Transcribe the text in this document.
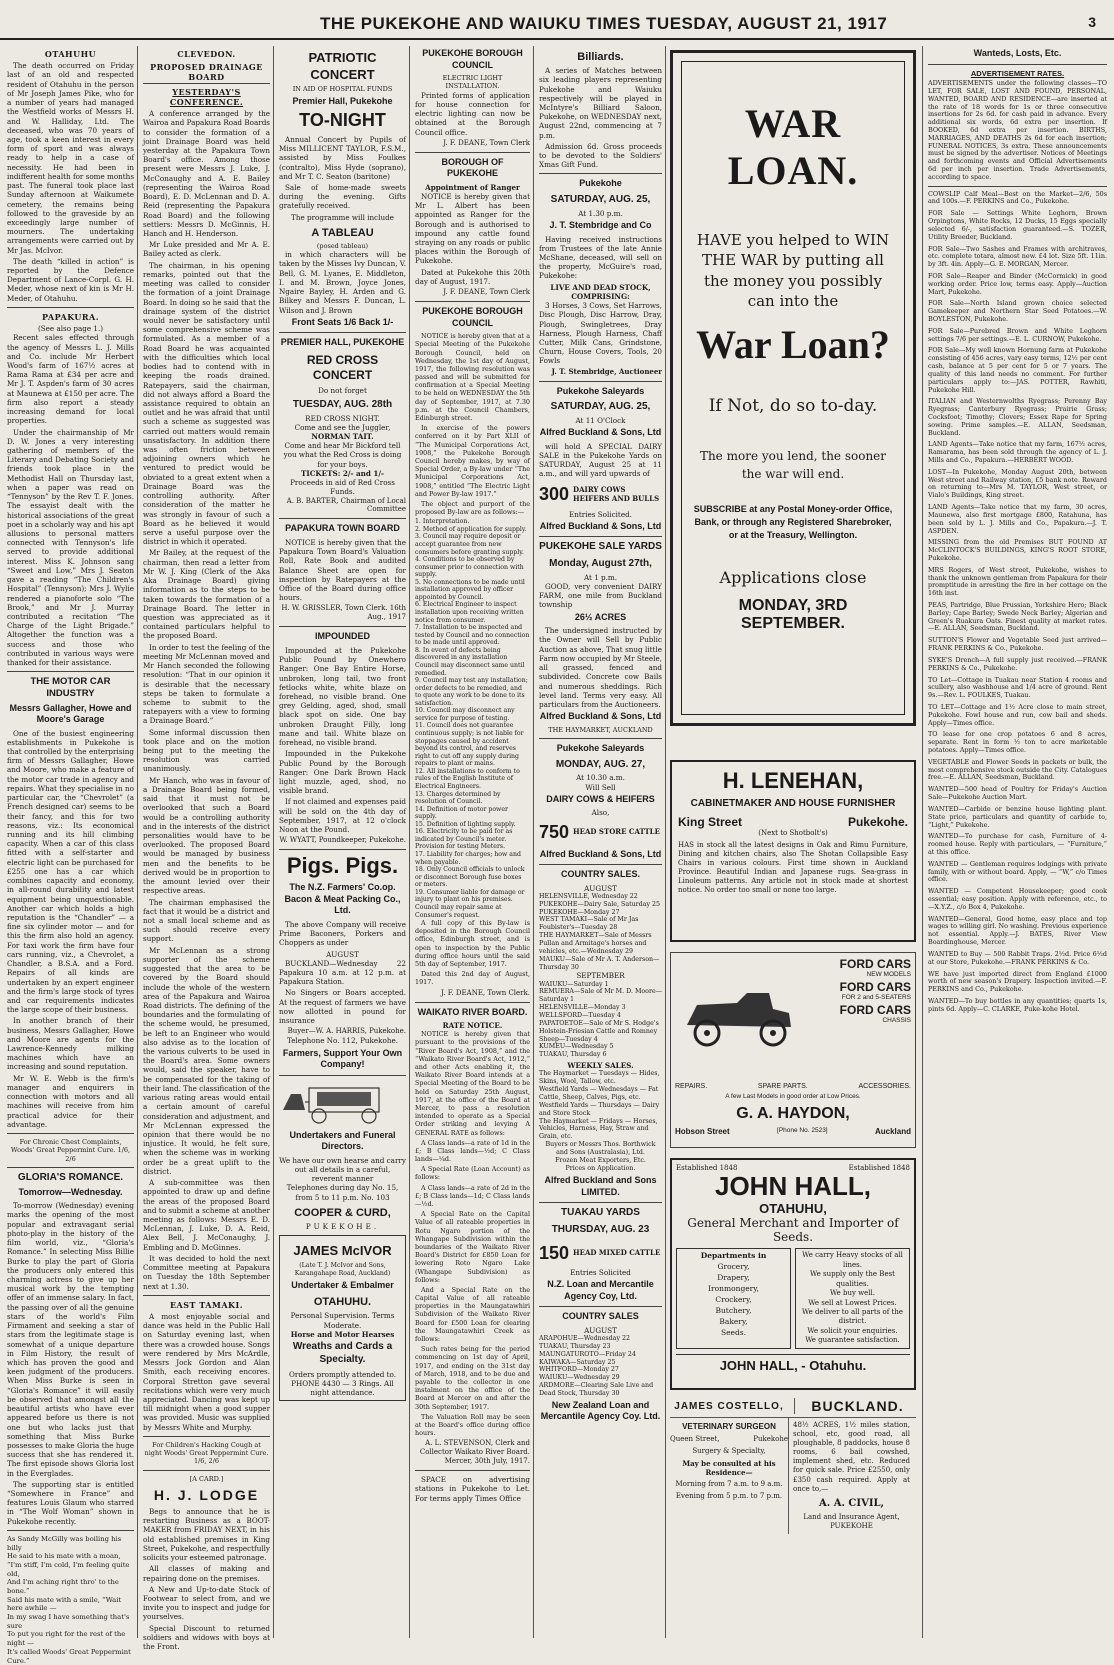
THE PUKEKOHE AND WAIUKU TIMES TUESDAY, AUGUST 21, 1917	3
OTAHUHU
The death occurred on Friday last of an old and respected resident of Otahuhu in the person of Mr Joseph James Pike, who for a number of years had managed the Westfield works of Messrs H. and W. Halliday, Ltd. The deceased, who was 70 years of age, took a keen interest in every form of sport and was always ready to help in a case of necessity. He had been in indifferent health for some months past. The funeral took place last Sunday afternoon at Waikumete cemetery, the remains being followed to the graveside by an exceedingly large number of mourners. The undertaking arrangements were carried out by Mr Jas. McIvor.
The death “killed in action” is reported by the Defence Department of Lance-Corpl. G. H. Meder, whose next of kin is Mr H. Meder, of Otahuhu.
PAPAKURA.
(See also page 1.)
Recent sales effected through the agency of Messrs L. J. Mills and Co. include Mr Herbert Wood's farm of 167½ acres at Rama Rama at £34 per acre and Mr J. T. Aspden's farm of 30 acres at Maunewa at £150 per acre. The firm also report a steady increasing demand for local properties.
Under the chairmanship of Mr D. W. Jones a very interesting gathering of members of the Literary and Debating Society and friends took place in the Methodist Hall on Thursday last, when a paper was read on “Tennyson” by the Rev T. F. Jones. The essayist dealt with the historical associations of the great poet in a scholarly way and his apt allusions to personal matters connected with Tennyson's life served to provide additional interest. Miss K. Johnson sang “Sweet and Low,” Mrs J. Seaton gave a reading “The Children's Hospital” (Tennyson); Mrs J. Wylie rendered a pianoforte solo “The Brook,” and Mr J. Murray contributed a recitation “The Charge of the Light Brigade.” Altogether the function was a success and those who contributed in various ways were thanked for their assistance.
THE MOTOR CAR INDUSTRY
Messrs Gallagher, Howe and Moore's Garage
One of the busiest engineering establishments in Pukekohe is that controlled by the enterprising firm of Messrs Gallagher, Howe and Moore, who make a feature of the motor car trade in agency and repairs. What they specialise in no particular car, the “Chevrolet” (a French designed car) seems to be their fancy, and this for two reasons, viz.: Its economical running and its hill climbing capacity. When a car of this class fitted with a self-starter and electric light can be purchased for £255 one has a car which combines capacity and economy, in all-round durability and latest equipment being unquestionable. Another car which holds a high reputation is the “Chandler” — a fine six cylinder motor — and for this the firm also hold an agency. For taxi work the firm have four cars running, viz., a Chevrolet, a Chandler, a B.S.A. and a Ford. Repairs of all kinds are undertaken by an expert engineer and the firm's large stock of tyres and car requirements indicates the large scope of their business.
In another branch of their business, Messrs Gallagher, Howe and Moore are agents for the Lawrence-Kennedy milking machines which have an increasing and sound reputation.
Mr W. E. Webb is the firm's manager and enquirers in connection with motors and all machines will receive from him practical advice for their advantage.
For Chronic Chest Complaints, Woods' Great Peppermint Cure. 1/6, 2/6
GLORIA'S ROMANCE.
Tomorrow—Wednesday.
To-morrow (Wednesday) evening marks the opening of the most popular and extravagant serial photo-play in the history of the film world, viz., “Gloria's Romance.” In selecting Miss Billie Burke to play the part of Gloria the producers only entered this charming actress to give up her musical work by the tempting offer of an immense salary. In fact, the passing over of all the genuine stars of the world's Film Firmament and seeking a star of stars from the legitimate stage is somewhat of a unique departure in Film History, the result of which has proven the good and keen judgment of the producers. When Miss Burke is seen in “Gloria's Romance” it will easily be observed that amongst all the beautiful artists who have ever appeared before us there is not one but who lacks just that something that Miss Burke possesses to make Gloria the huge success that she has rendered it. The first episode shows Gloria lost in the Everglades.
The supporting star is entitled “Somewhere in France” and features Louis Glaum who starred in “The Wolf Woman” shown in Pukekohe recently.
As Sandy McGilly was boiling his billy
He said to his mate with a moan,
“I'm stiff, I'm cold, I'm feeling quite old,
And I'm aching right thro' to the bone.”
Said his mate with a smile, “Wait here awhile —
In my swag I have something that's sure
To put you right for the rest of the night —
It's called Woods' Great Peppermint Cure.”
CLEVEDON.
PROPOSED DRAINAGE BOARD
YESTERDAY'S CONFERENCE.
A conference arranged by the Wairoa and Papakura Road Boards to consider the formation of a joint Drainage Board was held yesterday at the Papakura Town Board's office. Among those present were Messrs J. Luke, J. McConaughy and A. E. Bailey (representing the Wairoa Road Board), E. D. McLennan and D. A. Reid (representing the Papakura Road Board) and the following settlers: Messrs D. McGinnis, H. Hanch and H. Henderson.
Mr Luke presided and Mr A. E. Bailey acted as clerk.
The chairman, in his opening remarks, pointed out that the meeting was called to consider the formation of a joint Drainage Board. In doing so he said that the drainage system of the district would never be satisfactory until some comprehensive scheme was formulated. As a member of a Road Board he was acquainted with the difficulties which local bodies had to contend with in keeping the roads drained. Ratepayers, said the chairman, did not always afford a Board the assistance required to obtain an outlet and he was afraid that until such a scheme as suggested was carried out matters would remain unsatisfactory. In addition there was often friction between adjoining owners which he ventured to predict would be obviated to a great extent when a Drainage Board was the controlling authority. After consideration of the matter he was strongly in favour of such a Board as he believed it would serve a useful purpose over the district in which it operated.
Mr Bailey, at the request of the chairman, then read a letter from Mr W. J. King (Clerk of the Aka Aka Drainage Board) giving information as to the steps to be taken towards the formation of a Drainage Board. The letter in question was appreciated as it contained particulars helpful to the proposed Board.
In order to test the feeling of the meeting Mr McLennan moved and Mr Hanch seconded the following resolution: “That in our opinion it is desirable that the necessary steps be taken to formulate a scheme to submit to the ratepayers with a view to forming a Drainage Board.”
Some informal discussion then took place and on the motion being put to the meeting the resolution was carried unanimously.
Mr Hanch, who was in favour of a Drainage Board being formed, said that it must not be overlooked that such a Board would be a controlling authority and in the interests of the district personalities would have to be overlooked. The proposed Board would be managed by business men and the benefits to be derived would be in proportion to the amount levied over their respective areas.
The chairman emphasised the fact that it would be a district and not a small local scheme and as such should receive every support.
Mr McLennan as a strong supporter of the scheme suggested that the area to be covered by the Board should include the whole of the western area of the Papakura and Wairoa Road districts. The defining of the boundaries and the formulating of the scheme would, he presumed, be left to an Engineer who would also advise as to the location of the various culverts to be used in the Board's area. Some owners would, said the speaker, have to be compensated for the taking of their land. The classification of the various rating areas would entail a certain amount of careful consideration and adjustment, and Mr McLennan expressed the opinion that there would be no injustice. It would, he felt sure, when the scheme was in working order be a great uplift to the district.
A sub-committee was then appointed to draw up and define the areas of the proposed Board and to submit a scheme at another meeting as follows: Messrs E. D. McLennan, J. Luke, D. A. Reid, Alex Bell, J. McConaughy, J. Embling and D. McGinnes.
It was decided to hold the next Committee meeting at Papakura on Tuesday the 18th September next at 1.30.
EAST TAMAKI.
A most enjoyable social and dance was held in the Public Hall on Saturday evening last, when there was a crowded house. Songs were rendered by Mrs McArdle, Messrs Jock Gordon and Alan Smith, each receiving encores. Corporal Stretton gave several recitations which were very much appreciated. Dancing was kept up till midnight when a good supper was provided. Music was supplied by Messrs White and Murphy.
For Children's Hacking Cough at night Woods' Great Peppermint Cure. 1/6, 2/6
[A CARD.]
H. J. LODGE
Begs to announce that he is restarting Business as a BOOT-MAKER from FRIDAY NEXT, in his old established premises in King Street, Pukekohe, and respectfully solicits your esteemed patronage.
All classes of making and repairing done on the premises.
A New and Up-to-date Stock of Footwear to select from, and we invite you to inspect and judge for yourselves.
Special Discount to returned soldiers and widows with boys at the Front.
PATRIOTIC CONCERT
IN AID OF HOSPITAL FUNDS
Premier Hall, Pukekohe
TO-NIGHT
Annual Concert by Pupils of Miss MILLICENT TAYLOR, F.S.M., assisted by Miss Foulkes (contralto), Miss Hyde (soprano), and Mr T. C. Seaton (baritone)
Sale of home-made sweets during the evening. Gifts gratefully received.
The programme will include
A TABLEAU
(posed tableau)
in which characters will be taken by the Misses Ivy Duncan, V. Bell, G. M. Lyanes, E. Middleton, I. and M. Brown, Joyce Jones, Ngaire Bayley, H. Arden and G. Bilkey and Messrs F. Duncan, L. Wilson and J. Brown
Front Seats 1/6 Back 1/-
PREMIER HALL, PUKEKOHE
RED CROSS CONCERT
Do not forget
TUESDAY, AUG. 28th
RED CROSS NIGHT.
Come and see the Juggler,
NORMAN TAIT.
Come and hear Mr Bickford tell you what the Red Cross is doing for your boys.
TICKETS: 2/- and 1/-
Proceeds in aid of Red Cross Funds.
A. B. BARTER, Chairman of Local Committee
PAPAKURA TOWN BOARD
NOTICE is hereby given that the Papakura Town Board's Valuation Roll, Rate Book and audited Balance Sheet are open for inspection by Ratepayers at the Office of the Board during office hours.
H. W. GRISSLER, Town Clerk. 16th Aug., 1917
IMPOUNDED
Impounded at the Pukekohe Public Pound by Onewhero Ranger: One Bay Entire Horse, unbroken, long tail, two front fetlocks white, white blaze on forehead, no visible brand. One grey Gelding, aged, shod, small black spot on side. One bay unbroken Draught Filly, long mane and tail. White blaze on forehead, no visible brand.
Impounded in the Pukekohe Public Pound by the Borough Ranger: One Dark Brown Hack light muzzle, aged, shod, no visible brand.
If not claimed and expenses paid will be sold on the 4th day of September, 1917, at 12 o'clock Noon at the Pound.
W. WYATT, Poundkeeper, Pukekohe.
Pigs. Pigs.
The N.Z. Farmers' Co.op. Bacon & Meat Packing Co., Ltd.
The above Company will receive Prime Baconers, Porkers and Choppers as under
AUGUST
BUCKLAND—Wednesday 22 Papakura 10 a.m. at 12 p.m. at Papakura Station.
No Singers or Boars accepted. At the request of farmers we have now allotted in pound for insurance
Buyer—W. A. HARRIS, Pukekohe.
Telephone No. 112, Pukekohe.
Farmers, Support Your Own Company!
Undertakers and Funeral Directors.
We have our own hearse and carry out all details in a careful, reverent manner
Telephones during day No. 15, from 5 to 11 p.m. No. 103
COOPER & CURD,
PUKEKOHE.
JAMES McIVOR
(Late T. J. McIvor and Sons, Karangahape Road, Auckland)
Undertaker & Embalmer
OTAHUHU.
Personal Supervision. Terms Moderate.
Horse and Motor Hearses
Wreaths and Cards a Specialty.
Orders promptly attended to.
PHONE 4430 — 3 Rings. All night attendance.
PUKEKOHE BOROUGH COUNCIL
ELECTRIC LIGHT INSTALLATION.
Printed forms of application for house connection for electric lighting can now be obtained at the Borough Council office.
J. F. DEANE, Town Clerk
BOROUGH OF PUKEKOHE
Appointment of Ranger
NOTICE is hereby given that Mr L. Albert has been appointed as Ranger for the Borough and is authorised to impound any cattle found straying on any roads or public places within the Borough of Pukekohe.
Dated at Pukekohe this 20th day of August, 1917.
J. F. DEANE, Town Clerk
PUKEKOHE BOROUGH COUNCIL
NOTICE is hereby given that at a Special Meeting of the Pukekohe Borough Council, held on Wednesday, the 1st day of August, 1917, the following resolution was passed and will be submitted for confirmation at a Special Meeting to be held on WEDNESDAY the 5th day of September, 1917, at 7.30 p.m. at the Council Chambers, Edinburgh street.
In exercise of the powers conferred on it by Part XLII of “The Municipal Corporations Act, 1908,” the Pukekohe Borough Council hereby makes, by way of Special Order, a By-law under “The Municipal Corporations Act, 1908,” entitled “The Electric Light and Power By-law 1917.”
The object and purport of the proposed By-law are as follows:—
1. Interpretation.
2. Method of application for supply.
3. Council may require deposit or accept guarantee from new consumers before granting supply.
4. Conditions to be observed by consumer prior to connection with supply.
5. No connections to be made until installation approved by officer appointed by Council.
6. Electrical Engineer to inspect installation upon receiving written notice from consumer.
7. Installation to be inspected and tested by Council and no connection to be made until approved.
8. In event of defects being discovered in any installation Council may disconnect same until remedied.
9. Council may test any installation; order defects to be remedied, and to quote any work to be done to its satisfaction.
10. Council may disconnect any service for purpose of testing.
11. Council does not guarantee continuous supply; is not liable for stoppages caused by accident beyond its control, and reserves right to cut off any supply during repairs to plant or mains.
12. All installations to conform to rules of the English Institute of Electrical Engineers.
13. Charges determined by resolution of Council.
14. Definition of motor power supply.
15. Definition of lighting supply.
16. Electricity to be paid for as indicated by Council's meter. Provision for testing Meters.
17. Liability for charges; how and when payable.
18. Only Council officials to unlock or disconnect Borough fuse boxes or meters.
19. Consumer liable for damage or injury to plant on his premises. Council may repair same at Consumer's request.
A full copy of this By-law is deposited in the Borough Council office, Edinburgh street, and is open to inspection by the Public during office hours until the said 5th day of September, 1917.
Dated this 2nd day of August, 1917.
J. F. DEANE, Town Clerk.
WAIKATO RIVER BOARD.
RATE NOTICE.
NOTICE is hereby given that pursuant to the provisions of the “River Board's Act, 1908,” and the “Waikato River Board's Act, 1912,” and other Acts enabling it, the Waikato River Board intends at a Special Meeting of the Board to be held on Saturday 25th August, 1917, at the office of the Board at Mercer, to pass a resolution intended to operate as a Special Order striking and levying A GENERAL RATE as follows:
A Class lands—a rate of 1d in the £; B Class lands—½d; C Class lands—¼d.
A Special Rate (Loan Account) as follows:
A Class lands—a rate of 2d in the £; B Class lands—1d; C Class lands—½d.
A Special Rate on the Capital Value of all rateable properties in Rotu Ngaro portion of the Whangape Subdivision within the boundaries of the Waikato River Board's District for £850 Loan for lowering Roto Ngaro Lake (Whangape Subdivision) as follows:
And a Special Rate on the Capital Value of all rateable properties in the Maungatawhiri Subdivision of the Waikato River Board for £500 Loan for clearing the Maungatawhiri Creek as follows:
Such rates being for the period commencing on 1st day of April, 1917, and ending on the 31st day of March, 1918, and to be due and payable to the collector in one instalment on the office of the Board at Mercer on and after the 30th September, 1917.
The Valuation Roll may be seen at the Board's office during office hours.
A. L. STEVENSON, Clerk and Collector Waikato River Board. Mercer, 30th July, 1917.
SPACE on advertising stations in Pukekohe to Let. For terms apply Times Office
Billiards.
A series of Matches between six leading players representing Pukekohe and Waiuku respectively will be played in McIntyre's Billiard Saloon, Pukekohe, on WEDNESDAY next, August 22nd, commencing at 7 p.m.
Admission 6d. Gross proceeds to be devoted to the Soldiers' Xmas Gift Fund.
Pukekohe
SATURDAY, AUG. 25,
At 1.30 p.m.
J. T. Stembridge and Co
Having received instructions from Trustees of the late Annie McShane, deceased, will sell on the property, McGuire's road, Pukekohe:
LIVE AND DEAD STOCK, COMPRISING:
3 Horses, 3 Cows, Set Harrows, Disc Plough, Disc Harrow, Dray, Plough, Swingletrees, Dray Harness, Plough Harness, Chaff Cutter, Milk Cans, Grindstone, Churn, House Covers, Tools, 20 Fowls
J. T. Stembridge, Auctioneer
Pukekohe Saleyards
SATURDAY, AUG. 25,
At 11 O'Clock
Alfred Buckland & Sons, Ltd
will hold A SPECIAL DAIRY SALE in the Pukekohe Yards on SATURDAY, August 25 at 11 a.m., and will yard upwards of
300 DAIRY COWS HEIFERS AND BULLS
Entries Solicited.
Alfred Buckland & Sons, Ltd
PUKEKOHE SALE YARDS
Monday, August 27th,
At 1 p.m.
GOOD, very convenient DAIRY FARM, one mile from Buckland township
26½ ACRES
The undersigned instructed by the Owner will Sell by Public Auction as above, That snug little Farm now occupied by Mr Steele, all grassed, fenced and subdivided. Concrete cow Bails and numerous sheddings. Rich level land. Terms very easy. All particulars from the Auctioneers.
Alfred Buckland & Sons, Ltd
THE HAYMARKET, AUCKLAND
Pukekohe Saleyards
MONDAY, AUG. 27,
At 10.30 a.m.
Will Sell
DAIRY COWS & HEIFERS
Also,
750 HEAD STORE CATTLE
Alfred Buckland & Sons, Ltd
COUNTRY SALES.
AUGUST
HELENSVILLE, Wednesday 22
PUKEKOHE—Dairy Sale, Saturday 25
PUKEKOHE—Monday 27
WEST TAMAKI—Sale of Mr Jas Foubister's—Tuesday 28
THE HAYMARKET—Sale of Messrs Pullan and Armitage's horses and vehicles, etc.—Wednesday 29
MAUKU—Sale of Mr A. T. Anderson—Thursday 30
SEPTEMBER
WAIUKU—Saturday 1
REMUERA—Sale of Mr M. D. Moore—Saturday 1
HELENSVILLE—Monday 3
WELLSFORD—Tuesday 4
PAPATOETOE—Sale of Mr S. Hodge's Holstein-Friesian Cattle and Romney Sheep—Tuesday 4
KUMEU—Wednesday 5
TUAKAU, Thursday 6
WEEKLY SALES.
The Haymarket — Tuesdays — Hides, Skins, Wool, Tallow, etc.
Westfield Yards — Wednesdays — Fat Cattle, Sheep, Calves, Pigs, etc.
Westfield Yards — Thursdays — Dairy and Store Stock
The Haymarket — Fridays — Horses, Vehicles, Harness, Hay, Straw and Grain, etc.
Buyers or Messrs Thos. Borthwick and Sons (Australasia), Ltd.
Frozen Meat Exporters, Etc.
Prices on Application.
Alfred Buckland and Sons LIMITED.
TUAKAU YARDS
THURSDAY, AUG. 23
150 HEAD MIXED CATTLE
Entries Solicited
N.Z. Loan and Mercantile Agency Coy, Ltd.
COUNTRY SALES
AUGUST
ARAPOHUE—Wednesday 22
TUAKAU, Thursday 23
MAUNGATUROTO—Friday 24
KAIWAKA—Saturday 25
WHITFORD—Monday 27
WAIUKU—Wednesday 29
ARDMORE—Clearing Sale Live and Dead Stock, Thursday 30
New Zealand Loan and Mercantile Agency Coy. Ltd.
WAR LOAN.
HAVE you helped to WIN THE WAR by putting all the money you possibly can into the
War Loan?
If Not, do so to-day.
The more you lend, the sooner the war will end.
SUBSCRIBE at any Postal Money-order Office, Bank, or through any Registered Sharebroker, or at the Treasury, Wellington.
Applications close
MONDAY, 3RD SEPTEMBER.
H. LENEHAN,
CABINETMAKER AND HOUSE FURNISHER
King Street	Pukekohe.
(Next to Shotbolt's)
HAS in stock all the latest designs in Oak and Rimu Furniture, Dining and kitchen chairs, also The Shotan Collapsible Easy Chairs in various colours. First time shown in Auckland Province. Beautiful Indian and Japanese rugs. Sea-grass in Linoleum patterns. Any article not in stock made at shortest notice. No order too small or none too large.
FORD CARS
NEW MODELS
FORD CARS
FOR 2 and 5-SEATERS
FORD CARS
CHASSIS
REPAIRS.	SPARE PARTS.	ACCESSORIES.
A few Last Models in good order at Low Prices.
G. A. HAYDON,
Hobson Street	[Phone No. 2523]	Auckland
Established 1848	Established 1848
JOHN HALL,
OTAHUHU,
General Merchant and Importer of Seeds.
Departments in
Grocery,
Drapery,
Ironmongery,
Crockery,
Butchery,
Bakery,
Seeds.
We carry Heavy stocks of all lines.
We supply only the Best qualities.
We buy well.
We sell at Lowest Prices.
We deliver to all parts of the district.
We solicit your enquiries.
We guarantee satisfaction.
JOHN HALL, - Otahuhu.
JAMES COSTELLO,	BUCKLAND.
VETERINARY SURGEON
Queen Street,	Pukekohe
Surgery & Specialty,
May be consulted at his Residence—
Morning from 7 a.m. to 9 a.m.
Evening from 5 p.m. to 7 p.m.
48½ ACRES, 1½ miles station, school, etc, good road, all ploughable, 8 paddocks, house 8 rooms, 6 bail cowshed, implement shed, etc. Reduced for quick sale. Price £2550, only £350 cash required. Apply at once to,—
A. A. CIVIL,
Land and Insurance Agent, PUKEKOHE
Wanteds, Losts, Etc.
ADVERTISEMENT RATES.
ADVERTISEMENTS under the following classes—TO LET, FOR SALE, LOST AND FOUND, PERSONAL, WANTED, BOARD AND RESIDENCE—are inserted at the rate of 18 words for 1s or three consecutive insertions for 2s 6d. for cash paid in advance. Every additional six words, 6d extra per insertion. If BOOKED, 6d extra per insertion. BIRTHS, MARRIAGES, AND DEATHS 2s 6d for each insertion; FUNERAL NOTICES, 3s extra. These announcements must be signed by the advertiser. Notices of Meetings and forthcoming events and Official Advertisements 6d per inch per insertion. Trade Advertisements, according to space.
COWSLIP Calf Meal—Best on the Market—2/6, 50s and 100s.—F. PERKINS and Co., Pukekohe.
FOR Sale — Settings White Leghorn, Brown Orpingtons, White Rocks, 12 Ducks, 15 Eggs specially selected 6/-, satisfaction guaranteed.—S. TOZER, Utility Breeder, Buckland.
FOR Sale—Two Sashes and Frames with architraves, etc. complete totara, almost new. £4 lot. Size 5ft. 11in. by 3ft. 4in. Apply—G. E. MORGAN, Mercer.
FOR Sale—Reaper and Binder (McCormick) in good working order. Price low, terms easy. Apply—Auction Mart, Pukekohe.
FOR Sale—North Island grown choice selected Gamekeeper and Northern Star Seed Potatoes.—W. BOYLESTON, Pukekohe.
FOR Sale—Purebred Brown and White Leghorn settings 7/6 per settings.—E. L. CURNOW, Pukekohe.
FOR Sale—My well known Hornung farm at Pukekohe consisting of 456 acres, vary easy terms, 12½ per cent cash, balance at 5 per cent for 5 or 7 years. The quality of this land needs no comment. For further particulars apply to:—JAS. POTTER, Rawhiti, Pukekohe Hill.
ITALIAN and Westernwolths Ryegrass; Perenny Bay Ryegrass; Canterbury Ryegrass; Prairie Grass; Cocksfoot; Timothy; Clovers; Essex Rape for Spring sowing. Prime samples.—E. ALLAN, Seedsman, Buckland.
LAND Agents—Take notice that my farm, 167½ acres, Ramarama, has been sold through the agency of L. J. Mills and Co., Papakura.—HERBERT WOOD.
LOST—In Pukekohe, Monday August 20th, between West street and Railway station, £5 bank note. Reward on returning to—Mrs M. TAYLOR, West street, or Vialo's Buildings, King street.
LAND Agents—Take notice that my farm, 30 acres, Maunewa, also first mortgage £800, Ratahuna, has been sold by L. J. Mills and Co., Papakura.—J. T. ASPDEN.
MISSING from the old Premises BUT FOUND AT McCLINTOCK'S BUILDINGS, KING'S ROOT STORE, Pukekohe.
MRS Rogers, of West street, Pukekohe, wishes to thank the unknown gentleman from Papakura for their promptitude in arresting the fire in her cottage on the 16th inst.
PEAS, Partridge, Blue Prussian, Yorkshire Hero; Black Barley; Cape Barley; Swede Neck Barley; Algerian and Green's Ruakura Oats. Finest quality at market rates.—E. ALLAN, Seedsman, Buckland.
SUTTON'S Flower and Vegetable Seed just arrived—FRANK PERKINS & Co., Pukekohe.
SYKE'S Drench—A full supply just received.—FRANK PERKINS & Co., Pukekohe.
TO Let—Cottage in Tuakau near Station 4 rooms and scullery, also washhouse and 1/4 acre of ground. Rent 9s.—Rev. L. FOULKES, Tuakau.
TO LET—Cottage and 1½ Acre close to main street, Pukekohe. Fowl house and run, cow bail and sheds. Apply—Times office.
TO lease for one crop potatoes 6 and 8 acres, separate. Rent in form ½ ton to acre marketable potatoes. Apply—Times office.
VEGETABLE and Flower Seeds in packets or bulk, the most comprehensive stock outside the City. Catalogues free.—E. ALLAN, Seedsman, Buckland.
WANTED—500 head of Poultry for Friday's Auction Sale—Pukekohe Auction Mart.
WANTED—Carbide or benzine house lighting plant. State price, particulars and quantity of carbide to, “Light,” Pukekohe.
WANTED—To purchase for cash, Furniture of 4-roomed house. Reply with particulars, — “Furniture,” at this office.
WANTED — Gentleman requires lodgings with private family, with or without board. Apply, — “W,” c/o Times office.
WANTED — Competent Housekeeper; good cook essential; easy position. Apply with reference, etc., to—X.Y.Z., c/o Box 4, Pukekohe.
WANTED—General, Good home, easy place and top wages to willing girl. No washing. Previous experience not essential. Apply.—J. BATES, River View Boardinghouse, Mercer.
WANTED to Buy — 500 Rabbit Traps. 2½d. Price 6½d at our Store, Pukekohe.—FRANK PERKINS & Co.
WE have just imported direct from England £1000 worth of new season's Drapery. Inspection invited.—F. PERKINS and Co., Pukekohe.
WANTED—To buy bottles in any quantities; quarts 1s, pints 6d. Apply—C. CLARKE, Puke-kohe Hotel.
